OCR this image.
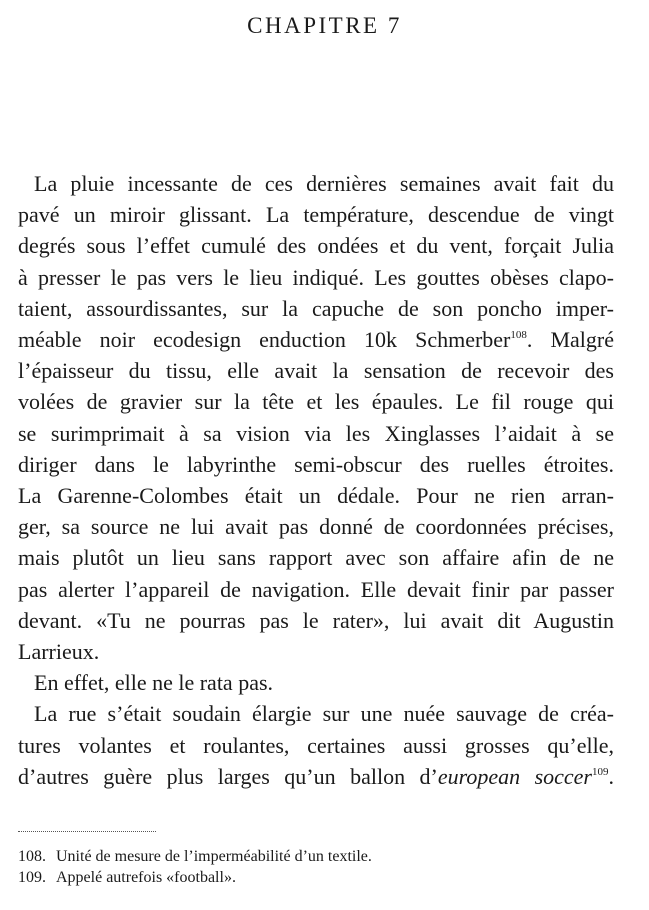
CHAPITRE 7
La pluie incessante de ces dernières semaines avait fait du
pavé un miroir glissant. La température, descendue de vingt
degrés sous l’effet cumulé des ondées et du vent, forçait Julia
à presser le pas vers le lieu indiqué. Les gouttes obèses clapo-
taient, assourdissantes, sur la capuche de son poncho imper-
méable noir ecodesign enduction 10k Schmerber$^{108}$. Malgré
l’épaisseur du tissu, elle avait la sensation de recevoir des
volées de gravier sur la tête et les épaules. Le fil rouge qui
se surimprimait à sa vision via les Xinglasses l’aidait à se
diriger dans le labyrinthe semi-obscur des ruelles étroites.
La Garenne-Colombes était un dédale. Pour ne rien arran-
ger, sa source ne lui avait pas donné de coordonnées précises,
mais plutôt un lieu sans rapport avec son affaire afin de ne
pas alerter l’appareil de navigation. Elle devait finir par passer
devant. «Tu ne pourras pas le rater», lui avait dit Augustin
Larrieux.
En effet, elle ne le rata pas.
La rue s’était soudain élargie sur une nuée sauvage de créa-
tures volantes et roulantes, certaines aussi grosses qu’elle,
d’autres guère plus larges qu’un ballon d’european soccer$^{109}$.
108. Unité de mesure de l’imperméabilité d’un textile.
109. Appelé autrefois «football».
